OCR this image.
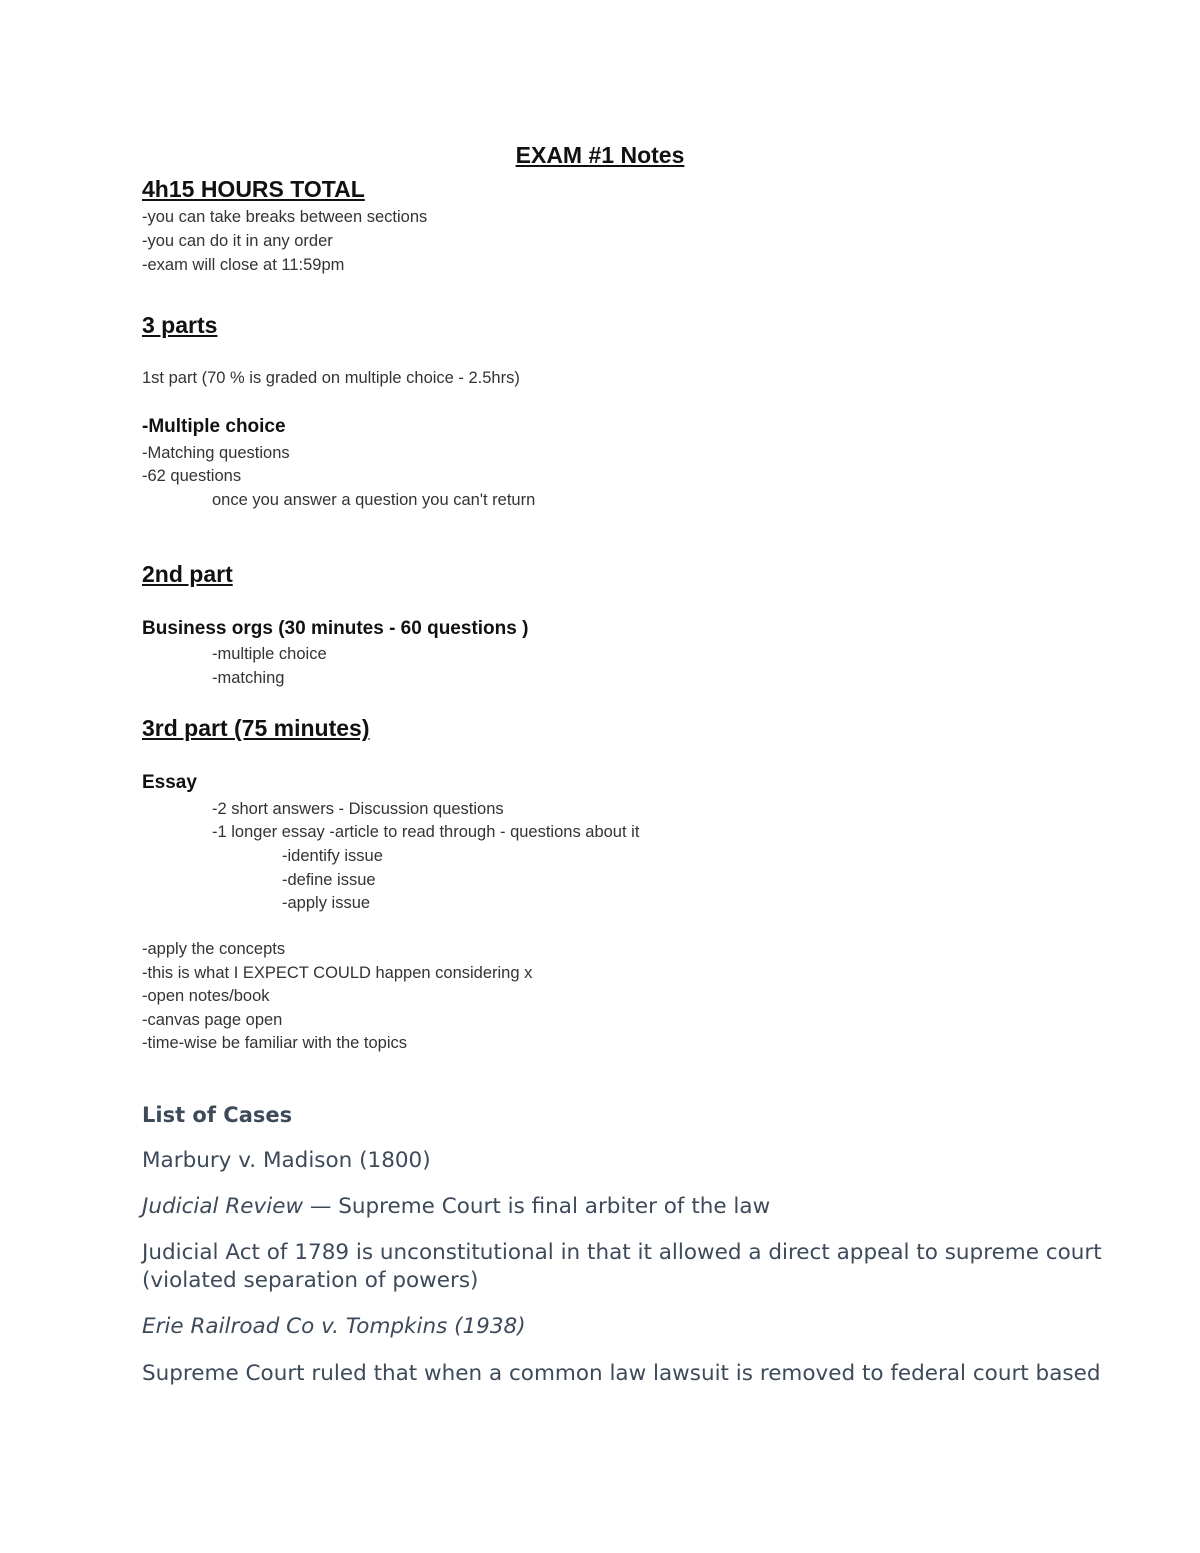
EXAM #1 Notes
4h15 HOURS TOTAL
-you can take breaks between sections
-you can do it in any order
-exam will close at 11:59pm
3 parts
1st part (70 % is graded on multiple choice - 2.5hrs)
-Multiple choice
-Matching questions
-62 questions
once you answer a question you can't return
2nd part
Business orgs (30 minutes - 60 questions )
-multiple choice
-matching
3rd part (75 minutes)
Essay
-2 short answers - Discussion questions
-1 longer essay -article to read through - questions about it
-identify issue
-define issue
-apply issue
-apply the concepts
-this is what I EXPECT COULD happen considering x
-open notes/book
-canvas page open
-time-wise be familiar with the topics
List of Cases
Marbury v. Madison (1800)
Judicial Review — Supreme Court is final arbiter of the law
Judicial Act of 1789 is unconstitutional in that it allowed a direct appeal to supreme court
(violated separation of powers)
Erie Railroad Co v. Tompkins (1938)
Supreme Court ruled that when a common law lawsuit is removed to federal court based
